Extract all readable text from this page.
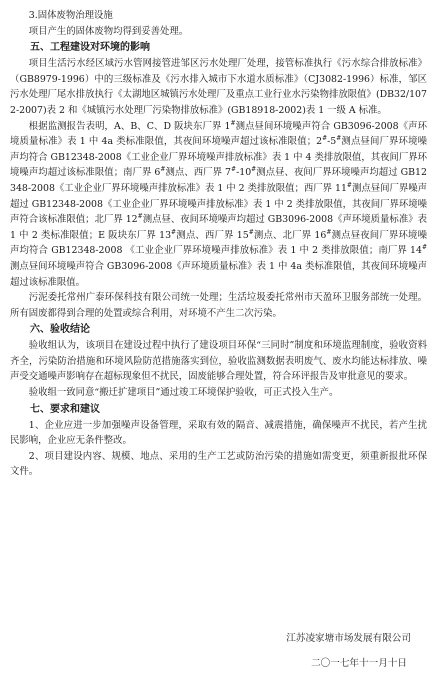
3.固体废物治理设施

项目产生的固体废物均得到妥善处理。

五、工程建设对环境的影响

项目生活污水经区域污水管网接管进邹区污水处理厂处理，接管标准执行《污水综合排放标准》（GB8979-1996）中的三级标准及《污水排入城市下水道水质标准》（CJ3082-1996）标准，邹区污水处理厂尾水排放执行《太湖地区城镇污水处理厂及重点工业行业水污染物排放限值》(DB32/1072-2007)表 2 和《城镇污水处理厂污染物排放标准》(GB18918-2002)表 1 一级 A 标准。

根据监测报告表明，A、B、C、D 阪块东厂界 1#测点昼间环境噪声符合 GB3096-2008《声环境质量标准》表 1 中 4a 类标准限值，其夜间环境噪声超过该标准限值；2#-5#测点昼间厂界环境噪声均符合 GB12348-2008《工业企业厂界环境噪声排放标准》表 1 中 4 类排放限值，其夜间厂界环境噪声均超过该标准限值；南厂界 6#测点、西厂界 7#-10#测点昼、夜间厂界环境噪声均超过 GB12348-2008《工业企业厂界环境噪声排放标准》表 1 中 2 类排放限值；西厂界 11#测点昼间厂界噪声超过 GB12348-2008《工业企业厂界环境噪声排放标准》表 1 中 2 类排放限值，其夜间厂界环境噪声符合该标准限值；北厂界 12#测点昼、夜间环境噪声均超过 GB3096-2008《声环境质量标准》表 1 中 2 类标准限值；E 阪块东厂界 13#测点、西厂界 15#测点、北厂界 16#测点昼夜间厂界环境噪声均符合 GB12348-2008 《工业企业厂界环境噪声排放标准》表 1 中 2 类排放限值；南厂界 14#测点昼间环境噪声符合 GB3096-2008《声环境质量标准》表 1 中 4a 类标准限值，其夜间环境噪声超过该标准限值。

污泥委托常州广泰环保科技有限公司统一处理；生活垃圾委托常州市天盈环卫服务部统一处理。所有固废都得到合理的处置或综合利用，对环境不产生二次污染。

六、验收结论

验收组认为，该项目在建设过程中执行了建设项目环保“三同时”制度和环境监理制度，验收资料齐全，污染防治措施和环境风险防范措施落实到位，验收监测数据表明废气、废水均能达标排放、噪声受交通噪声影响存在超标现象但不扰民，固废能够合理处置，符合环评报告及审批意见的要求。

验收组一致同意“搬迁扩建项目”通过竣工环境保护验收，可正式投入生产。

七、要求和建议

1、企业应进一步加强噪声设备管理，采取有效的隔音、减震措施，确保噪声不扰民，若产生扰民影响，企业应无条件整改。

2、项目建设内容、规模、地点、采用的生产工艺或防治污染的措施如需变更，须重新报批环保文件。

江苏凌家塘市场发展有限公司
二〇一七年十一月十日
